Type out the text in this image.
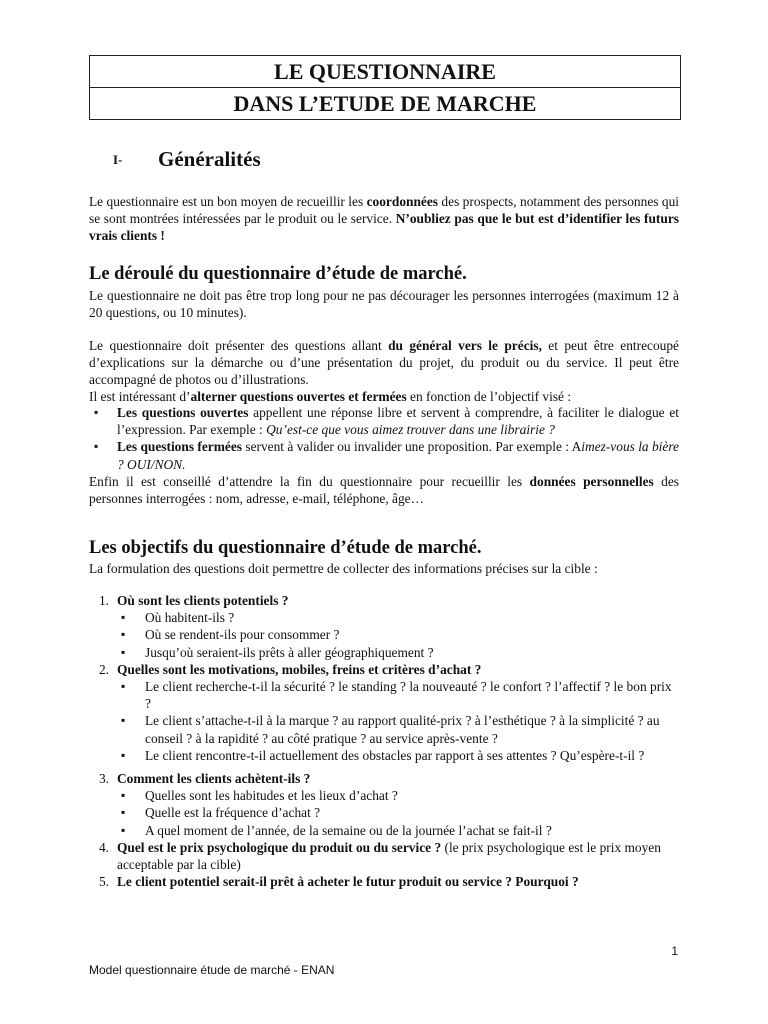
LE QUESTIONNAIRE
DANS L’ETUDE DE MARCHE
I- Généralités
Le questionnaire est un bon moyen de recueillir les coordonnées des prospects, notamment des personnes qui se sont montrées intéressées par le produit ou le service. N’oubliez pas que le but est d’identifier les futurs vrais clients !
Le déroulé du questionnaire d’étude de marché.
Le questionnaire ne doit pas être trop long pour ne pas décourager les personnes interrogées (maximum 12 à 20 questions, ou 10 minutes).
Le questionnaire doit présenter des questions allant du général vers le précis, et peut être entrecoupé d’explications sur la démarche ou d’une présentation du projet, du produit ou du service. Il peut être accompagné de photos ou d’illustrations.
Il est intéressant d’alterner questions ouvertes et fermées en fonction de l’objectif visé :
▪ Les questions ouvertes appellent une réponse libre et servent à comprendre, à faciliter le dialogue et l’expression. Par exemple : Qu’est-ce que vous aimez trouver dans une librairie ?
▪ Les questions fermées servent à valider ou invalider une proposition. Par exemple : Aimez-vous la bière ? OUI/NON.
Enfin il est conseillé d’attendre la fin du questionnaire pour recueillir les données personnelles des personnes interrogées : nom, adresse, e-mail, téléphone, âge…
Les objectifs du questionnaire d’étude de marché.
La formulation des questions doit permettre de collecter des informations précises sur la cible :
1. Où sont les clients potentiels ?
▪ Où habitent-ils ?
▪ Où se rendent-ils pour consommer ?
▪ Jusqu’où seraient-ils prêts à aller géographiquement ?
2. Quelles sont les motivations, mobiles, freins et critères d’achat ?
▪ Le client recherche-t-il la sécurité ? le standing ? la nouveauté ? le confort ? l’affectif ? le bon prix ?
▪ Le client s’attache-t-il à la marque ? au rapport qualité-prix ? à l’esthétique ? à la simplicité ? au conseil ? à la rapidité ? au côté pratique ? au service après-vente ?
▪ Le client rencontre-t-il actuellement des obstacles par rapport à ses attentes ? Qu’espère-t-il ?
3. Comment les clients achètent-ils ?
▪ Quelles sont les habitudes et les lieux d’achat ?
▪ Quelle est la fréquence d’achat ?
▪ A quel moment de l’année, de la semaine ou de la journée l’achat se fait-il ?
4. Quel est le prix psychologique du produit ou du service ? (le prix psychologique est le prix moyen acceptable par la cible)
5. Le client potentiel serait-il prêt à acheter le futur produit ou service ? Pourquoi ?
1
Model questionnaire étude de marché - ENAN
